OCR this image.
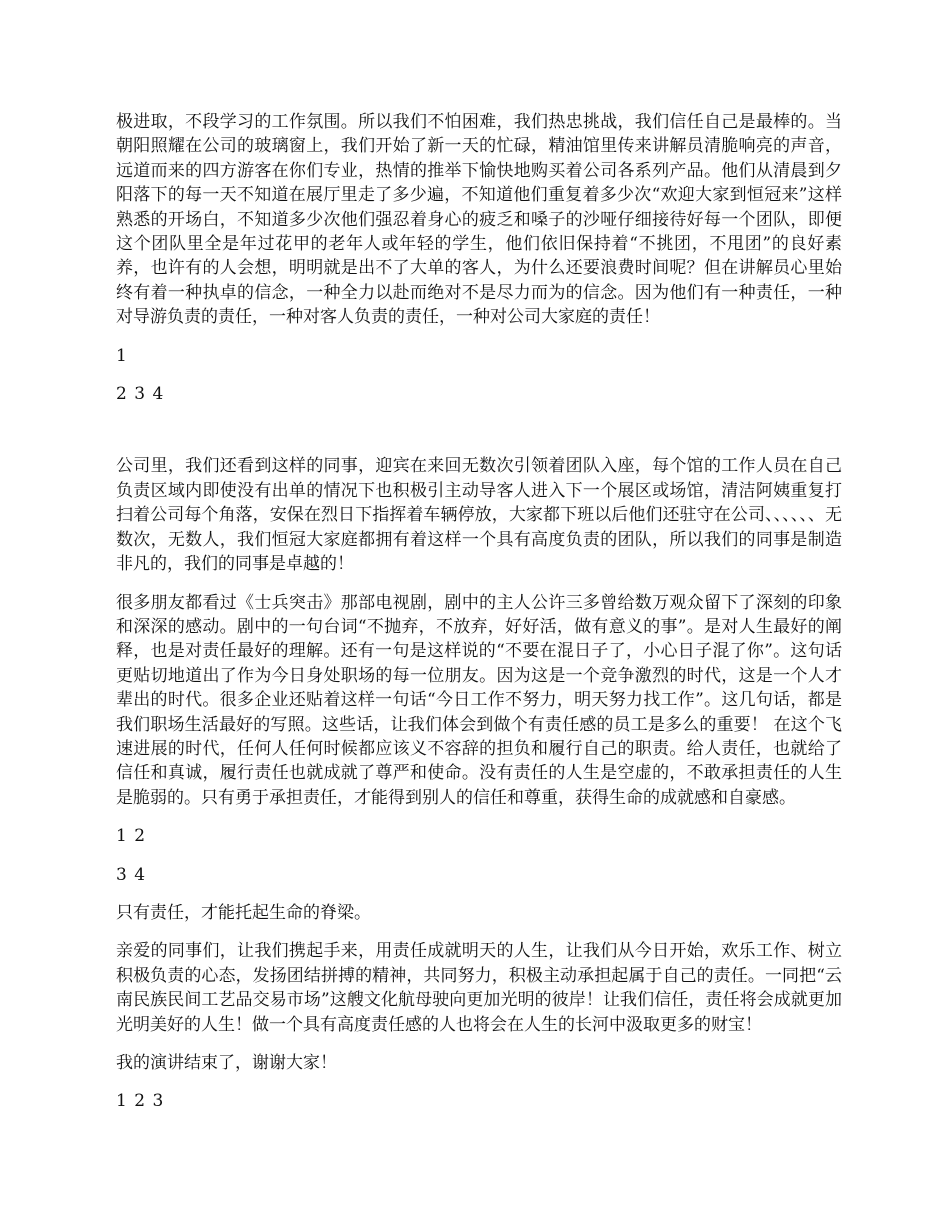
极进取，不段学习的工作氛围。所以我们不怕困难，我们热忠挑战，我们信任自己是最棒的。当朝阳照耀在公司的玻璃窗上，我们开始了新一天的忙碌，精油馆里传来讲解员清脆响亮的声音，远道而来的四方游客在你们专业，热情的推举下愉快地购买着公司各系列产品。他们从清晨到夕阳落下的每一天不知道在展厅里走了多少遍，不知道他们重复着多少次“欢迎大家到恒冠来”这样熟悉的开场白，不知道多少次他们强忍着身心的疲乏和嗓子的沙哑仔细接待好每一个团队，即便这个团队里全是年过花甲的老年人或年轻的学生，他们依旧保持着“不挑团，不甩团”的良好素养，也许有的人会想，明明就是出不了大单的客人，为什么还要浪费时间呢？但在讲解员心里始终有着一种执卓的信念，一种全力以赴而绝对不是尽力而为的信念。因为他们有一种责任，一种对导游负责的责任，一种对客人负责的责任，一种对公司大家庭的责任！

1

2 3 4

公司里，我们还看到这样的同事，迎宾在来回无数次引领着团队入座，每个馆的工作人员在自己负责区域内即使没有出单的情况下也积极引主动导客人进入下一个展区或场馆，清洁阿姨重复打扫着公司每个角落，安保在烈日下指挥着车辆停放，大家都下班以后他们还驻守在公司、、、、、、无数次，无数人，我们恒冠大家庭都拥有着这样一个具有高度负责的团队，所以我们的同事是制造非凡的，我们的同事是卓越的！

很多朋友都看过《士兵突击》那部电视剧，剧中的主人公许三多曾给数万观众留下了深刻的印象和深深的感动。剧中的一句台词“不抛弃，不放弃，好好活，做有意义的事”。是对人生最好的阐释，也是对责任最好的理解。还有一句是这样说的“不要在混日子了，小心日子混了你”。这句话更贴切地道出了作为今日身处职场的每一位朋友。因为这是一个竞争激烈的时代，这是一个人才辈出的时代。很多企业还贴着这样一句话“今日工作不努力，明天努力找工作”。这几句话，都是我们职场生活最好的写照。这些话，让我们体会到做个有责任感的员工是多么的重要！ 在这个飞速进展的时代，任何人任何时候都应该义不容辞的担负和履行自己的职责。给人责任，也就给了信任和真诚，履行责任也就成就了尊严和使命。没有责任的人生是空虚的，不敢承担责任的人生是脆弱的。只有勇于承担责任，才能得到别人的信任和尊重，获得生命的成就感和自豪感。

1 2

3 4

只有责任，才能托起生命的脊梁。

亲爱的同事们，让我们携起手来，用责任成就明天的人生，让我们从今日开始，欢乐工作、树立积极负责的心态，发扬团结拼搏的精神，共同努力，积极主动承担起属于自己的责任。一同把“云南民族民间工艺品交易市场”这艘文化航母驶向更加光明的彼岸！让我们信任，责任将会成就更加光明美好的人生！做一个具有高度责任感的人也将会在人生的长河中汲取更多的财宝！

我的演讲结束了，谢谢大家！

1 2 3
